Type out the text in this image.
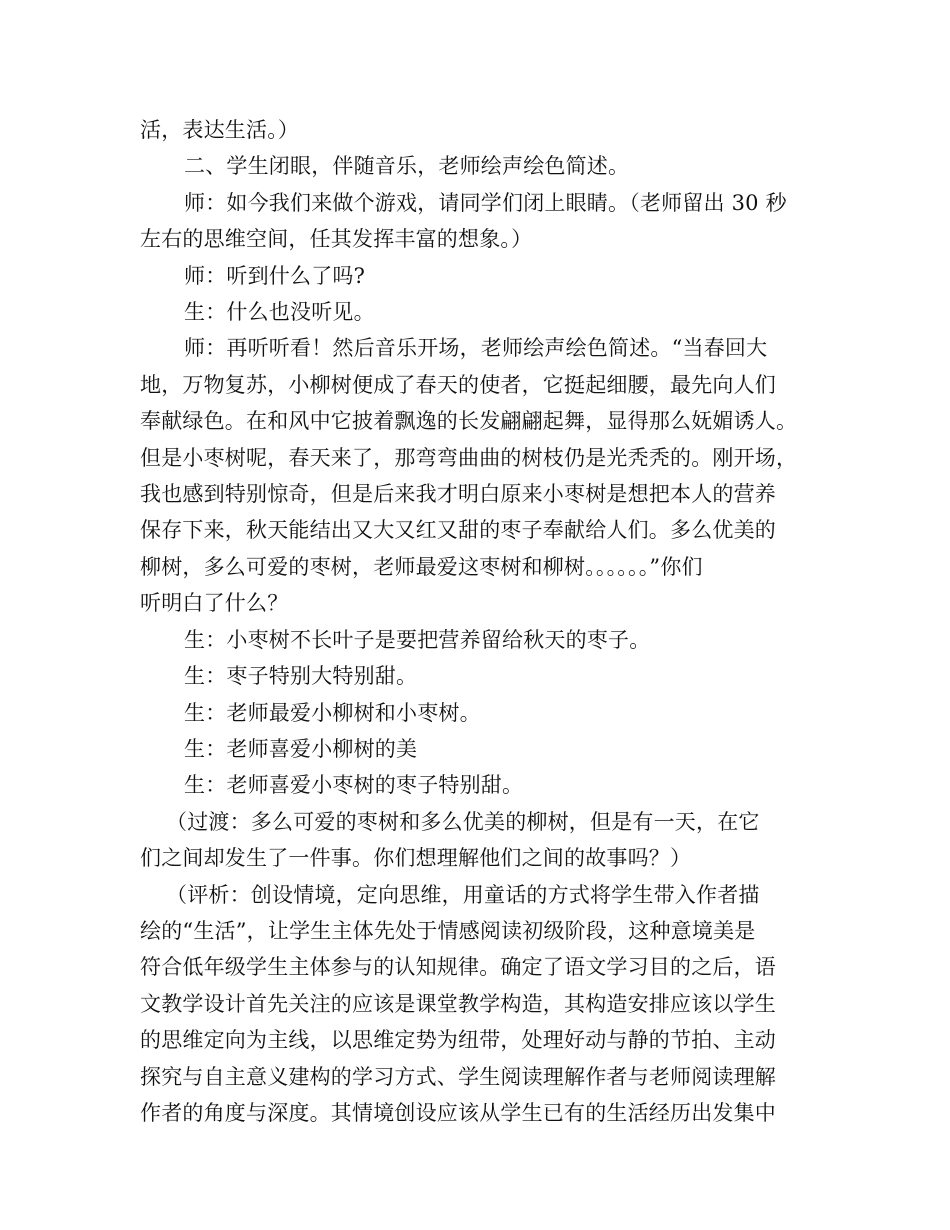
活，表达生活。）
二、学生闭眼，伴随音乐，老师绘声绘色简述。
师：如今我们来做个游戏，请同学们闭上眼睛。（老师留出 30 秒
左右的思维空间，任其发挥丰富的想象。）
师：听到什么了吗?
生：什么也没听见。
师：再听听看！然后音乐开场，老师绘声绘色简述。“当春回大
地，万物复苏，小柳树便成了春天的使者，它挺起细腰，最先向人们
奉献绿色。在和风中它披着飘逸的长发翩翩起舞，显得那么妩媚诱人。
但是小枣树呢，春天来了，那弯弯曲曲的树枝仍是光秃秃的。刚开场，
我也感到特别惊奇，但是后来我才明白原来小枣树是想把本人的营养
保存下来，秋天能结出又大又红又甜的枣子奉献给人们。多么优美的
柳树，多么可爱的枣树，老师最爱这枣树和柳树。。。。。。”你们
听明白了什么？
生：小枣树不长叶子是要把营养留给秋天的枣子。
生：枣子特别大特别甜。
生：老师最爱小柳树和小枣树。
生：老师喜爱小柳树的美
生：老师喜爱小枣树的枣子特别甜。
（过渡：多么可爱的枣树和多么优美的柳树，但是有一天，在它
们之间却发生了一件事。你们想理解他们之间的故事吗？）
（评析：创设情境，定向思维，用童话的方式将学生带入作者描
绘的“生活”，让学生主体先处于情感阅读初级阶段，这种意境美是
符合低年级学生主体参与的认知规律。确定了语文学习目的之后，语
文教学设计首先关注的应该是课堂教学构造，其构造安排应该以学生
的思维定向为主线，以思维定势为纽带，处理好动与静的节拍、主动
探究与自主意义建构的学习方式、学生阅读理解作者与老师阅读理解
作者的角度与深度。其情境创设应该从学生已有的生活经历出发集中
